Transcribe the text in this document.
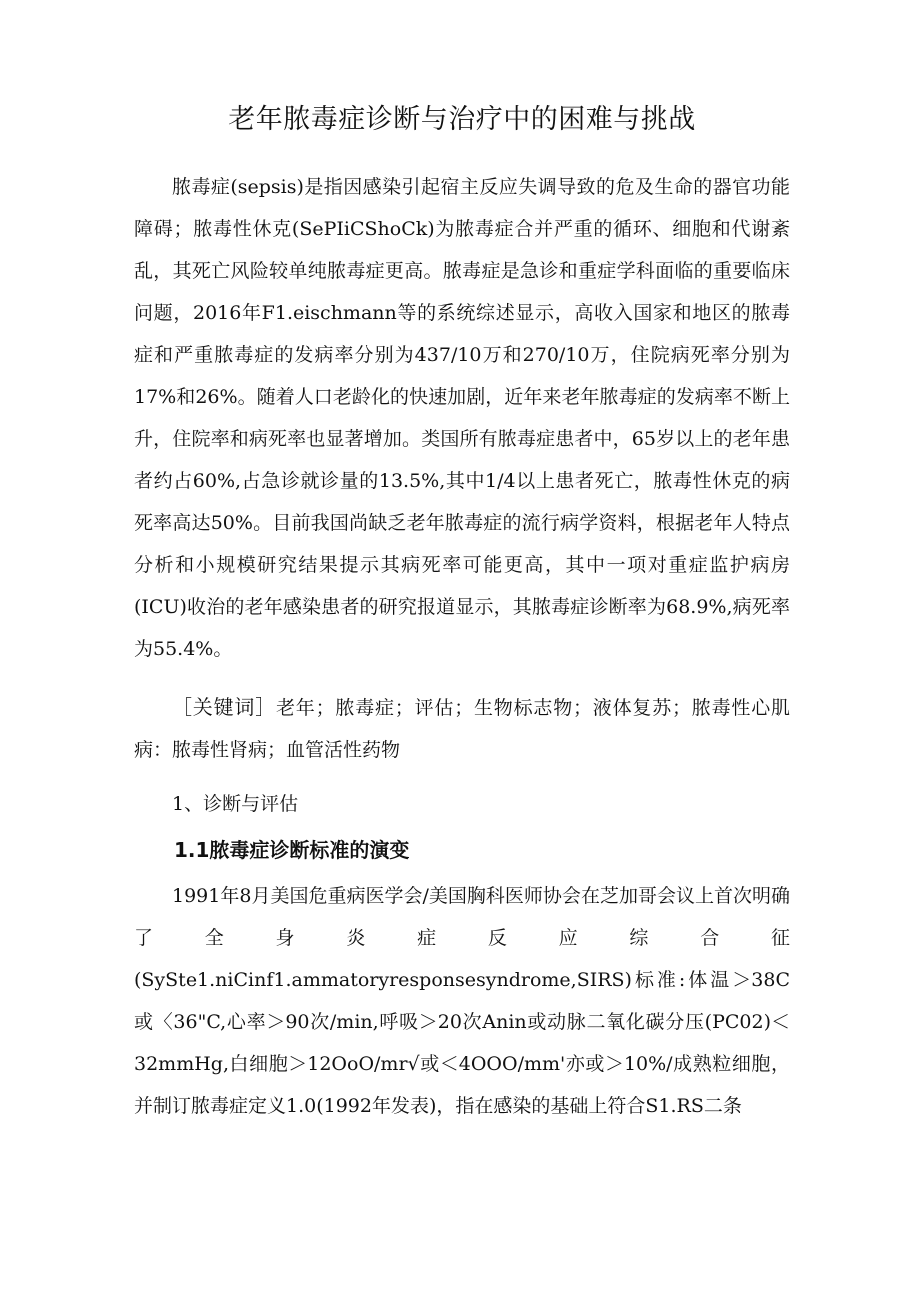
老年脓毒症诊断与治疗中的困难与挑战

脓毒症(sepsis)是指因感染引起宿主反应失调导致的危及生命的器官功能障碍；脓毒性休克(SePIiCShoCk)为脓毒症合并严重的循环、细胞和代谢紊乱，其死亡风险较单纯脓毒症更高。脓毒症是急诊和重症学科面临的重要临床问题，2016年F1.eischmann等的系统综述显示，高收入国家和地区的脓毒症和严重脓毒症的发病率分别为437/10万和270/10万，住院病死率分别为17%和26%。随着人口老龄化的快速加剧，近年来老年脓毒症的发病率不断上升，住院率和病死率也显著增加。类国所有脓毒症患者中，65岁以上的老年患者约占60%,占急诊就诊量的13.5%,其中1/4以上患者死亡，脓毒性休克的病死率高达50%。目前我国尚缺乏老年脓毒症的流行病学资料，根据老年人特点分析和小规模研究结果提示其病死率可能更高，其中一项对重症监护病房(ICU)收治的老年感染患者的研究报道显示，其脓毒症诊断率为68.9%,病死率为55.4%。

［关键词］老年；脓毒症；评估；生物标志物；液体复苏；脓毒性心肌病：脓毒性肾病；血管活性药物

1、诊断与评估

1.1脓毒症诊断标准的演变

1991年8月美国危重病医学会/美国胸科医师协会在芝加哥会议上首次明确了全身炎症反应综合征(SySte1.niCinf1.ammatoryresponsesyndrome,SIRS)标准:体温＞38C或〈36"C,心率＞90次/min,呼吸＞20次Anin或动脉二氧化碳分压(PC02)＜32mmHg,白细胞＞12OoO/mr√或＜4OOO/mm'亦或＞10%/成熟粒细胞，并制订脓毒症定义1.0(1992年发表)，指在感染的基础上符合S1.RS二条
